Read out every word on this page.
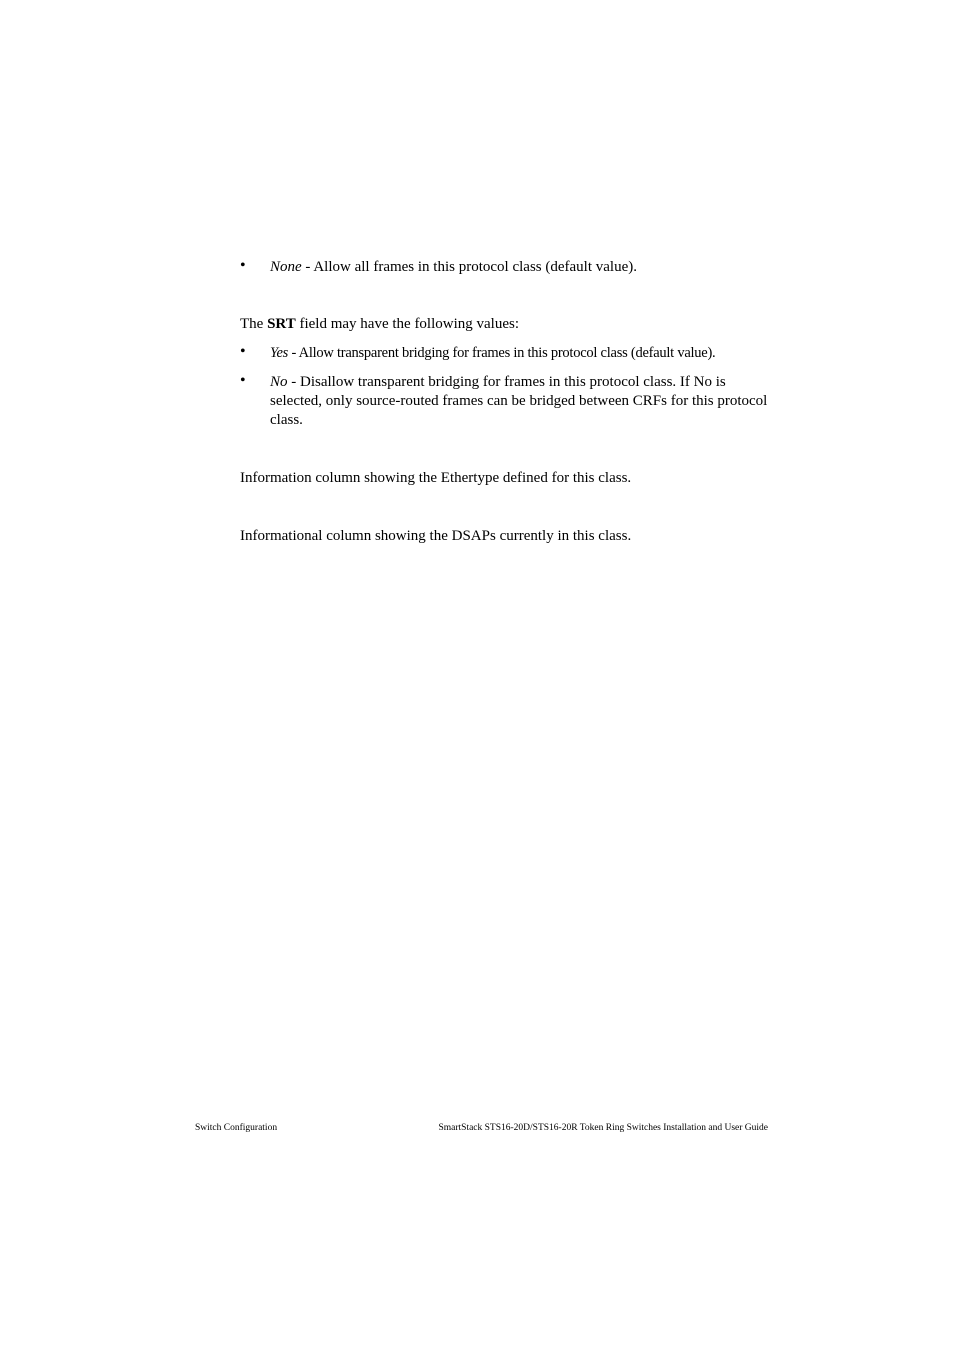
• None - Allow all frames in this protocol class (default value).
The SRT field may have the following values:
• Yes - Allow transparent bridging for frames in this protocol class (default value).
• No - Disallow transparent bridging for frames in this protocol class. If No is selected, only source-routed frames can be bridged between CRFs for this protocol class.
Information column showing the Ethertype defined for this class.
Informational column showing the DSAPs currently in this class.
Switch Configuration	SmartStack STS16-20D/STS16-20R Token Ring Switches Installation and User Guide
